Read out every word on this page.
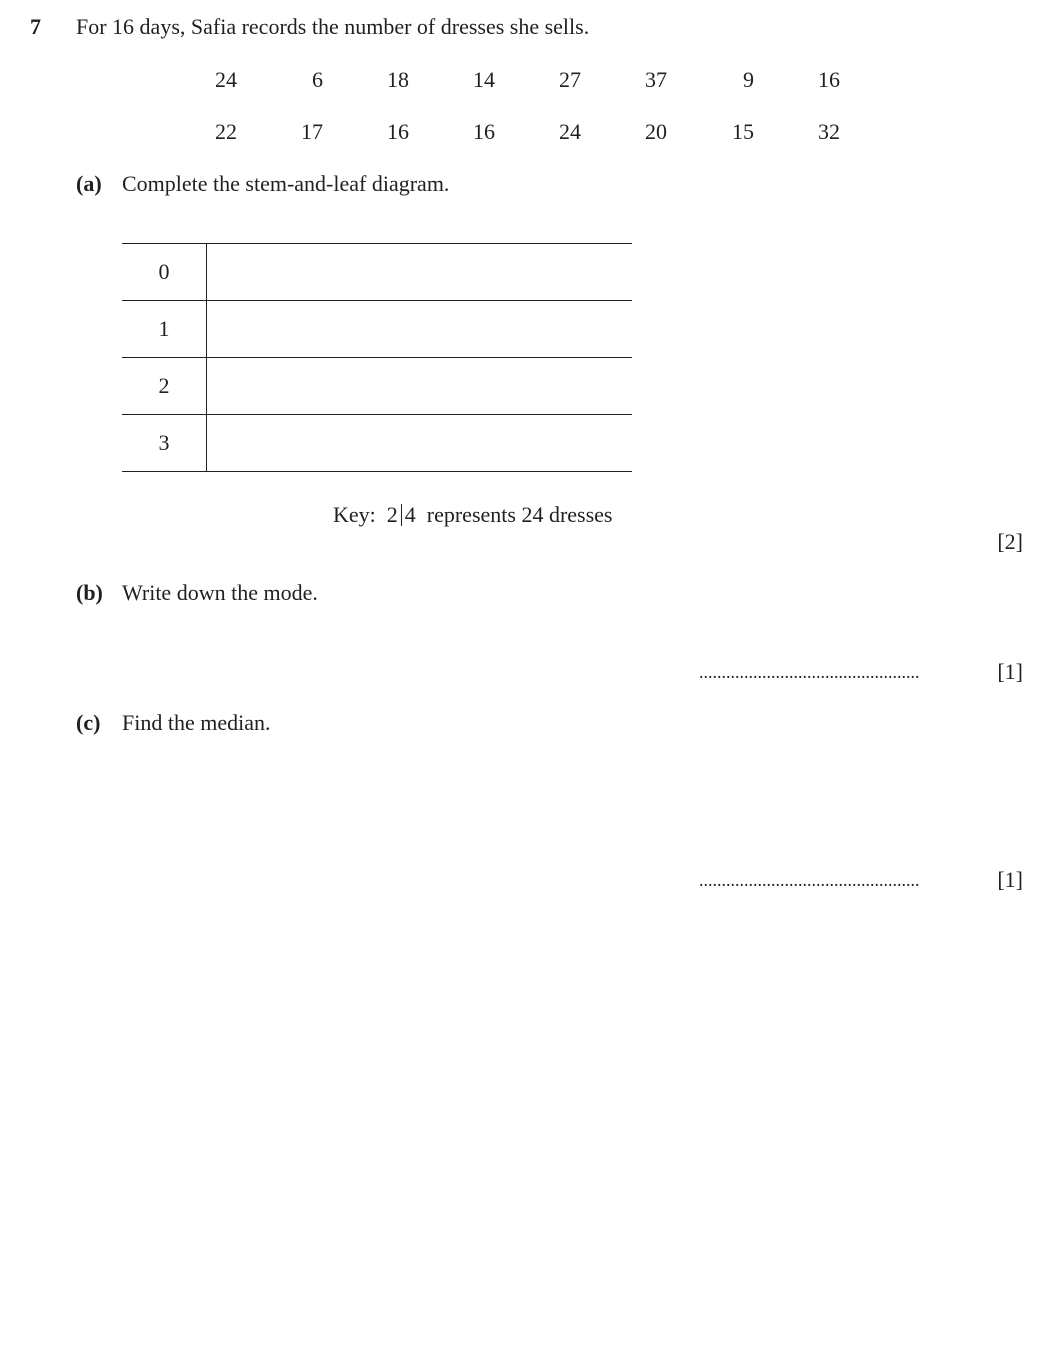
7 For 16 days, Safia records the number of dresses she sells.
24	6	18	14	27	37	9	16
22	17	16	16	24	20	15	32
(a) Complete the stem-and-leaf diagram.
0	
1	
2	
3	
Key: 2 4 represents 24 dresses
[2]
(b) Write down the mode.
.................................................	[1]
(c) Find the median.
.................................................	[1]
